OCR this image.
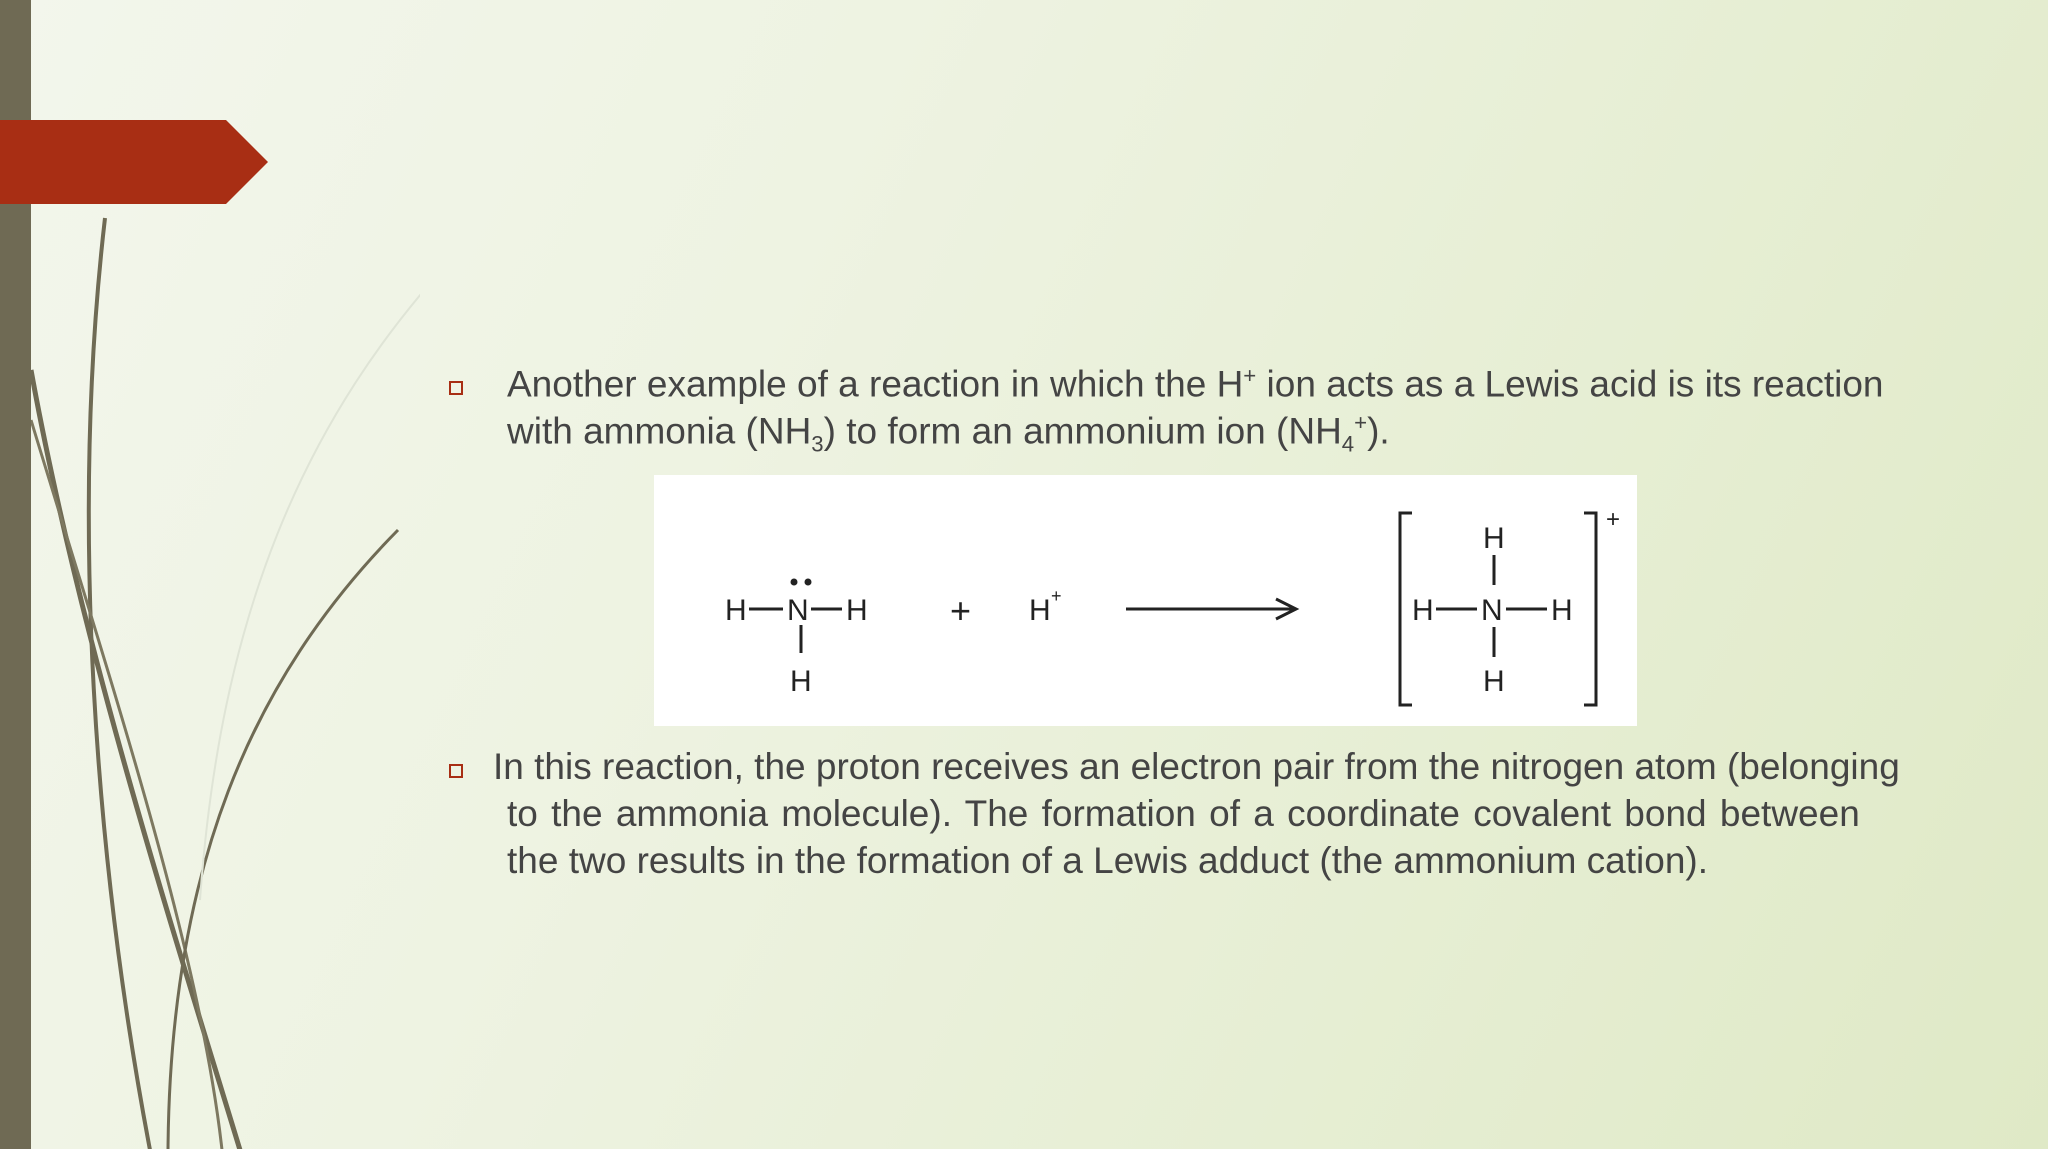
Another example of a reaction in which the H+ ion acts as a Lewis acid is its reaction
with ammonia $(NH_3)$ to form an ammonium ion $(NH_4^+)$.
H N H
H
+ H +
+
H
H N H
H
In this reaction, the proton receives an electron pair from the nitrogen atom (belonging
to the ammonia molecule). The formation of a coordinate covalent bond between
the two results in the formation of a Lewis adduct (the ammonium cation).
